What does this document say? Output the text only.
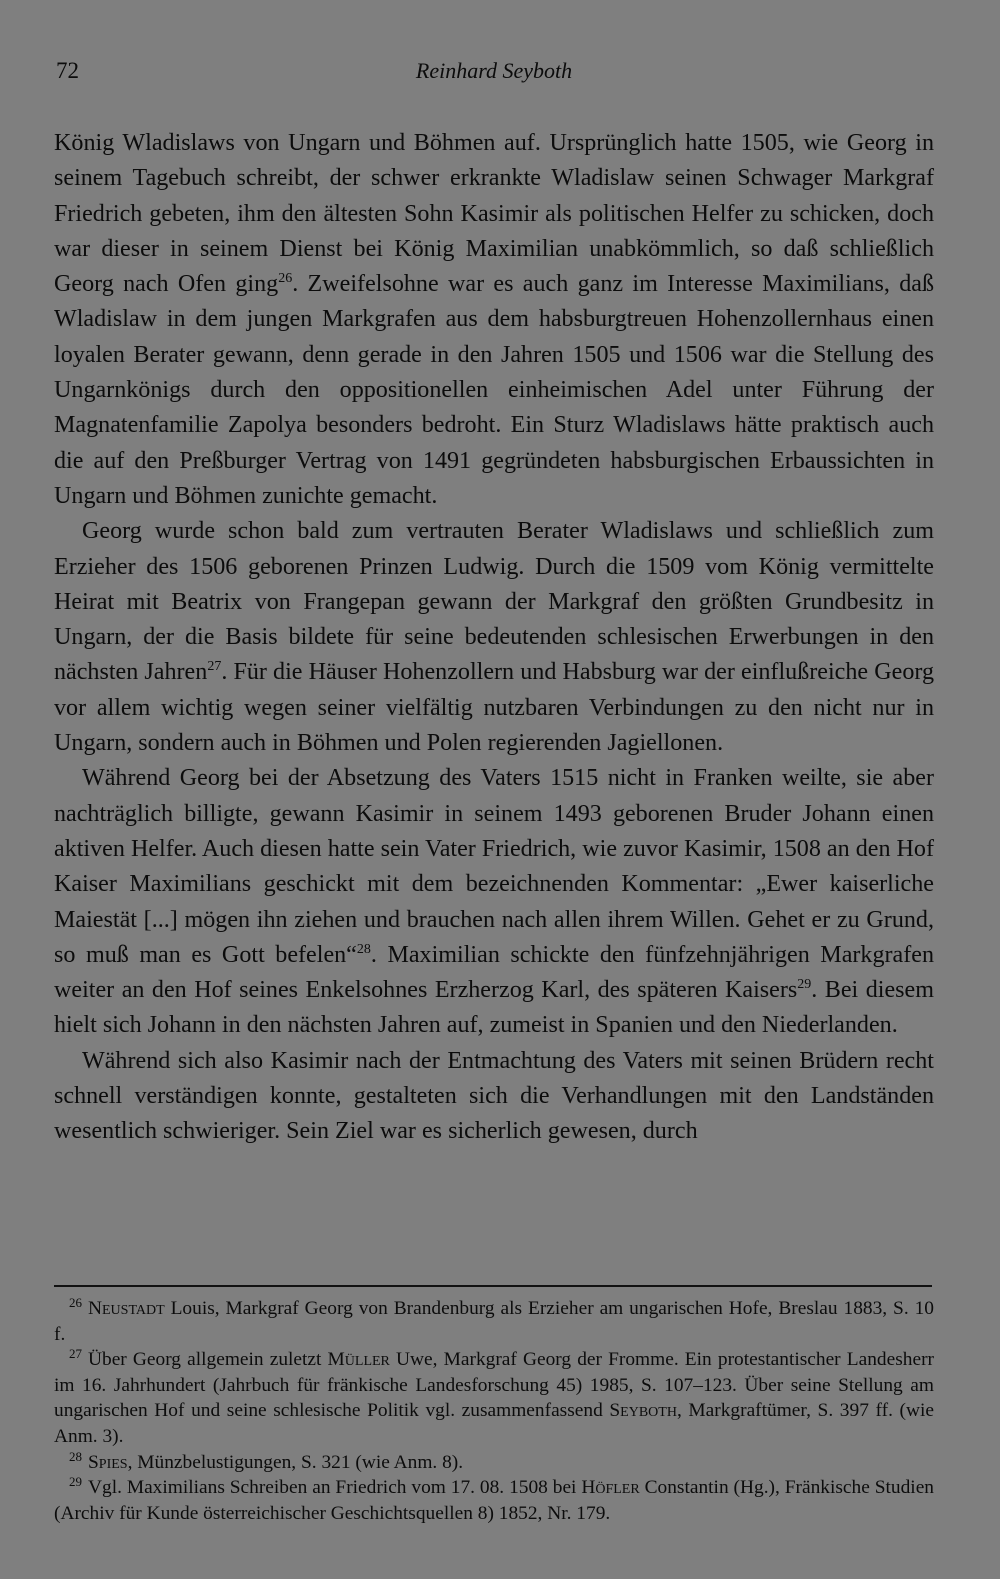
72	Reinhard Seyboth

König Wladislaws von Ungarn und Böhmen auf. Ursprünglich hatte 1505, wie Georg in seinem Tagebuch schreibt, der schwer erkrankte Wladislaw seinen Schwager Markgraf Friedrich gebeten, ihm den ältesten Sohn Kasimir als politischen Helfer zu schicken, doch war dieser in seinem Dienst bei König Maximilian unabkömmlich, so daß schließlich Georg nach Ofen ging$^{26}$. Zweifelsohne war es auch ganz im Interesse Maximilians, daß Wladislaw in dem jungen Markgrafen aus dem habsburgtreuen Hohenzollernhaus einen loyalen Berater gewann, denn gerade in den Jahren 1505 und 1506 war die Stellung des Ungarnkönigs durch den oppositionellen einheimischen Adel unter Führung der Magnatenfamilie Zapolya besonders bedroht. Ein Sturz Wladislaws hätte praktisch auch die auf den Preßburger Vertrag von 1491 gegründeten habsburgischen Erbaussichten in Ungarn und Böhmen zunichte gemacht.

Georg wurde schon bald zum vertrauten Berater Wladislaws und schließlich zum Erzieher des 1506 geborenen Prinzen Ludwig. Durch die 1509 vom König vermittelte Heirat mit Beatrix von Frangepan gewann der Markgraf den größten Grundbesitz in Ungarn, der die Basis bildete für seine bedeutenden schlesischen Erwerbungen in den nächsten Jahren$^{27}$. Für die Häuser Hohenzollern und Habsburg war der einflußreiche Georg vor allem wichtig wegen seiner vielfältig nutzbaren Verbindungen zu den nicht nur in Ungarn, sondern auch in Böhmen und Polen regierenden Jagiellonen.

Während Georg bei der Absetzung des Vaters 1515 nicht in Franken weilte, sie aber nachträglich billigte, gewann Kasimir in seinem 1493 geborenen Bruder Johann einen aktiven Helfer. Auch diesen hatte sein Vater Friedrich, wie zuvor Kasimir, 1508 an den Hof Kaiser Maximilians geschickt mit dem bezeichnenden Kommentar: „Ewer kaiserliche Maiestät [...] mögen ihn ziehen und brauchen nach allen ihrem Willen. Gehet er zu Grund, so muß man es Gott befelen“$^{28}$. Maximilian schickte den fünfzehnjährigen Markgrafen weiter an den Hof seines Enkelsohnes Erzherzog Karl, des späteren Kaisers$^{29}$. Bei diesem hielt sich Johann in den nächsten Jahren auf, zumeist in Spanien und den Niederlanden.

Während sich also Kasimir nach der Entmachtung des Vaters mit seinen Brüdern recht schnell verständigen konnte, gestalteten sich die Verhandlungen mit den Landständen wesentlich schwieriger. Sein Ziel war es sicherlich gewesen, durch

26 Neustadt Louis, Markgraf Georg von Brandenburg als Erzieher am ungarischen Hofe, Breslau 1883, S. 10 f.

27 Über Georg allgemein zuletzt Müller Uwe, Markgraf Georg der Fromme. Ein protestantischer Landesherr im 16. Jahrhundert (Jahrbuch für fränkische Landesforschung 45) 1985, S. 107–123. Über seine Stellung am ungarischen Hof und seine schlesische Politik vgl. zusammenfassend Seyboth, Markgraftümer, S. 397 ff. (wie Anm. 3).

28 Spies, Münzbelustigungen, S. 321 (wie Anm. 8).

29 Vgl. Maximilians Schreiben an Friedrich vom 17. 08. 1508 bei Höfler Constantin (Hg.), Fränkische Studien (Archiv für Kunde österreichischer Geschichtsquellen 8) 1852, Nr. 179.
